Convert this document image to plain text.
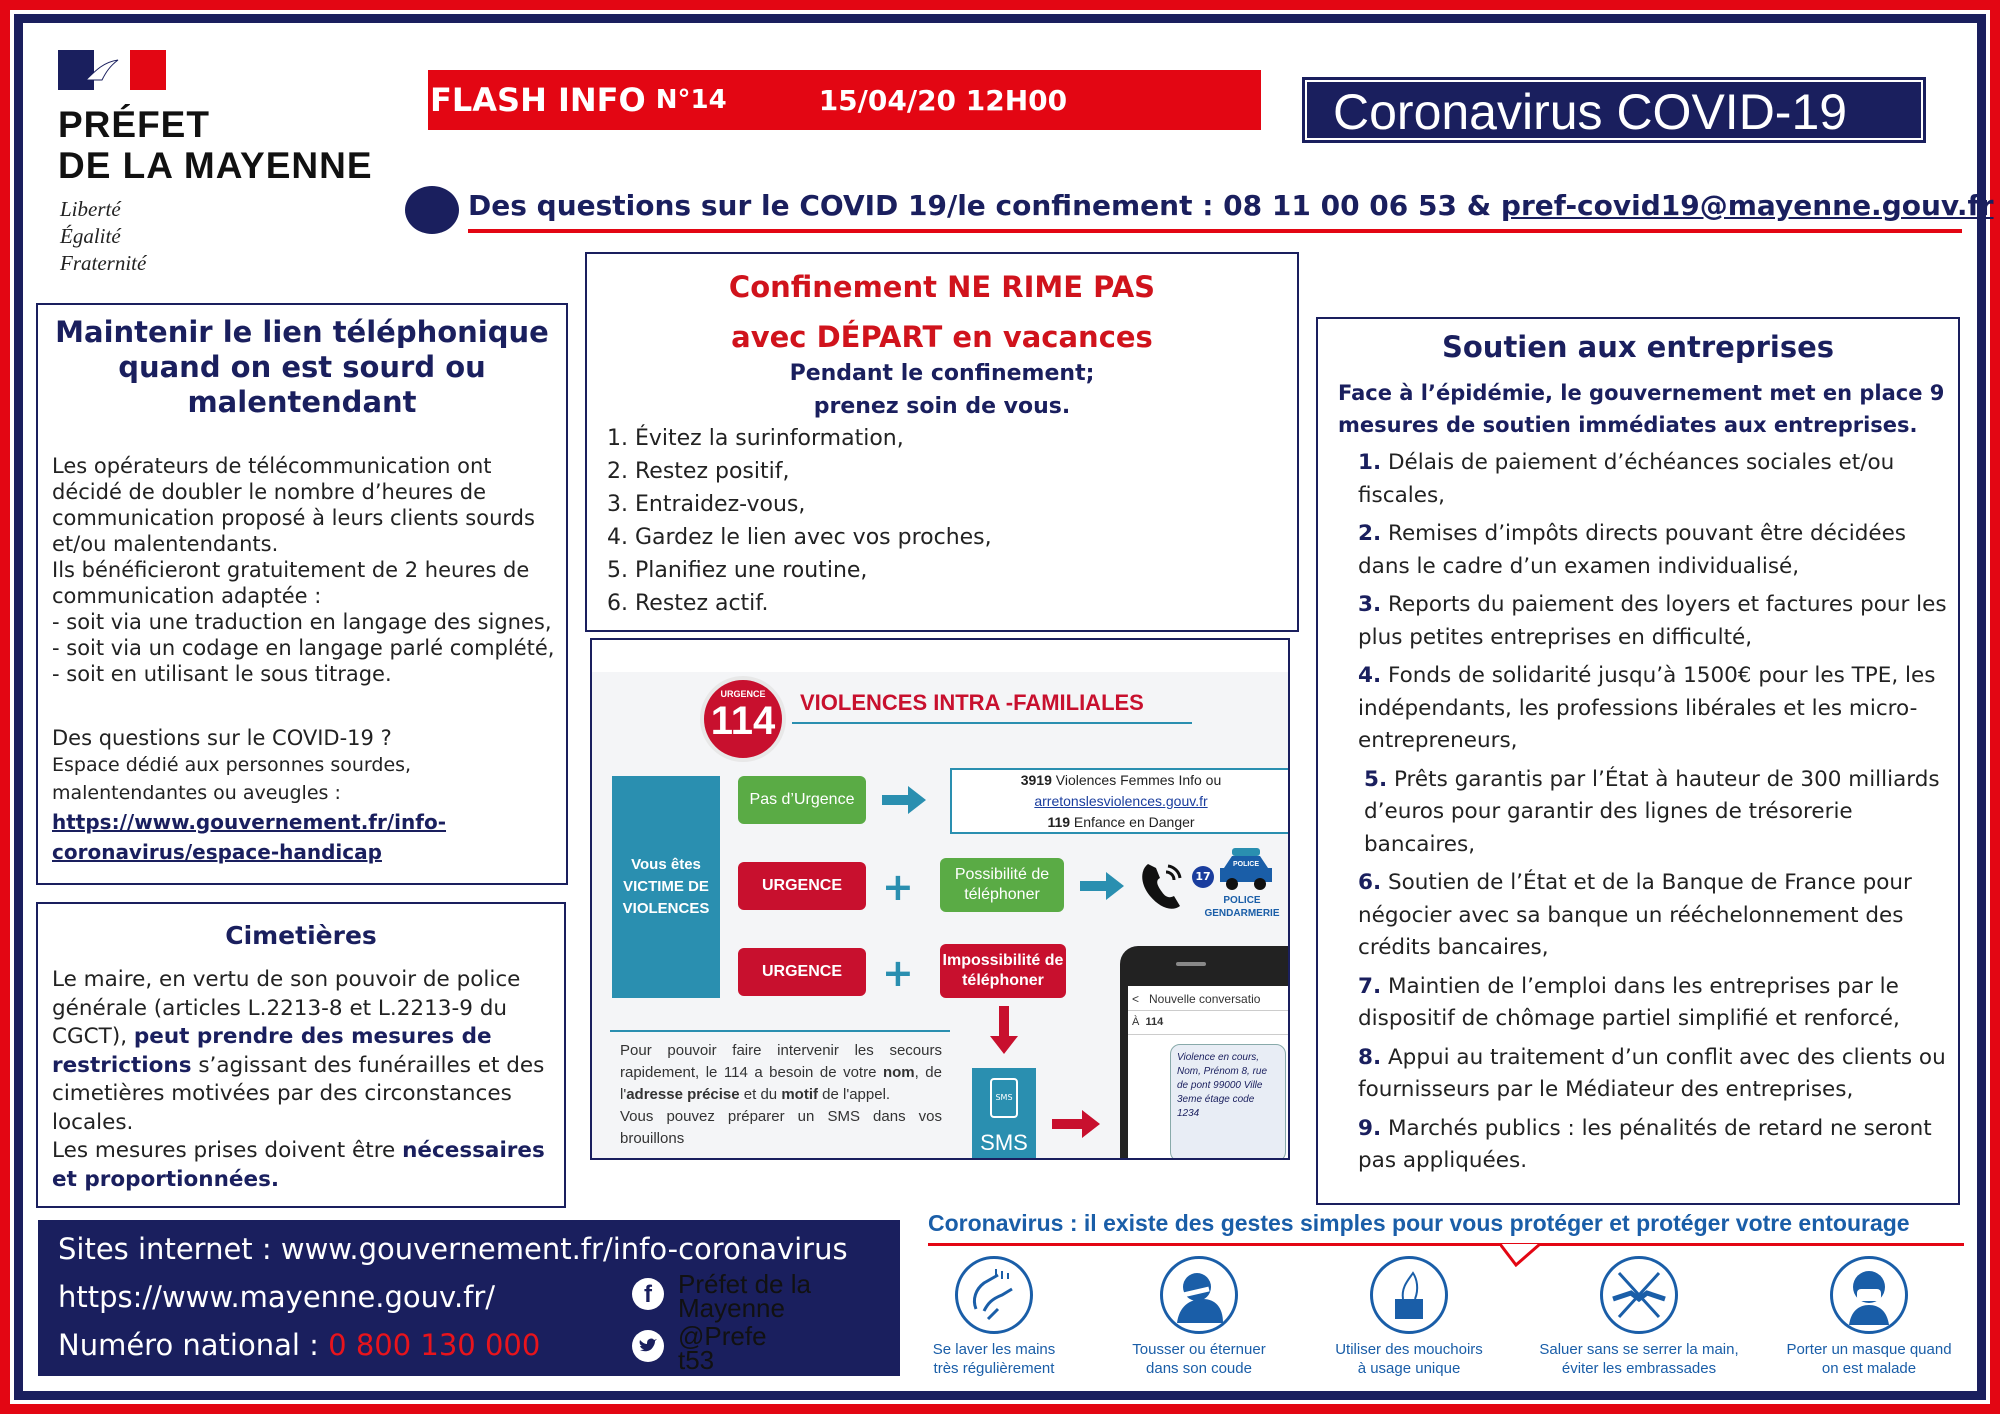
PRÉFET
DE LA MAYENNE
Liberté
Égalité
Fraternité
FLASH INFO N°14	15/04/20 12H00	Coronavirus COVID-19
Des questions sur le COVID 19/le confinement : 08 11 00 06 53 & pref-covid19@mayenne.gouv.fr
Maintenir le lien téléphonique quand on est sourd ou malentendant
Les opérateurs de télécommunication ont
décidé de doubler le nombre d’heures de
communication proposé à leurs clients sourds
et/ou malentendants.
Ils bénéficieront gratuitement de 2 heures de
communication adaptée :
- soit via une traduction en langage des signes,
- soit via un codage en langage parlé complété,
- soit en utilisant le sous titrage.
Des questions sur le COVID-19 ?
Espace dédié aux personnes sourdes,
malentendantes ou aveugles :
https://www.gouvernement.fr/info-
coronavirus/espace-handicap
Cimetières
Le maire, en vertu de son pouvoir de police générale (articles L.2213-8 et L.2213-9 du CGCT), peut prendre des mesures de restrictions s’agissant des funérailles et des cimetières motivées par des circonstances locales.
Les mesures prises doivent être nécessaires et proportionnées.
Confinement NE RIME PAS
avec DÉPART en vacances
Pendant le confinement;
prenez soin de vous.
1. Évitez la surinformation,
2. Restez positif,
3. Entraidez-vous,
4. Gardez le lien avec vos proches,
5. Planifiez une routine,
6. Restez actif.
URGENCE
114	VIOLENCES INTRA -FAMILIALES
Vous êtes VICTIME DE VIOLENCES
Pas d’Urgence
3919 Violences Femmes Info ou
arretonslesviolences.gouv.fr
119 Enfance en Danger
URGENCE	+	Possibilité de téléphoner
17
POLICE
POLICE GENDARMERIE
URGENCE	+ Impossibilité de téléphoner
SMS
SMS
<   Nouvelle conversatio
À 114
Violence en cours, Nom, Prénom 8, rue de pont 99000 Ville 3eme étage code 1234
Pour pouvoir faire intervenir les secours rapidement, le 114 a besoin de votre nom, de l'adresse précise et du motif de l'appel.
Vous pouvez préparer un SMS dans vos brouillons
Soutien aux entreprises
Face à l’épidémie, le gouvernement met en place 9 mesures de soutien immédiates aux entreprises.
1. Délais de paiement d’échéances sociales et/ou fiscales,
2. Remises d’impôts directs pouvant être décidées dans le cadre d’un examen individualisé,
3. Reports du paiement des loyers et factures pour les plus petites entreprises en difficulté,
4. Fonds de solidarité jusqu’à 1500€ pour les TPE, les indépendants, les professions libérales et les micro-entrepreneurs,
5. Prêts garantis par l’État à hauteur de 300 milliards d’euros pour garantir des lignes de trésorerie bancaires,
6. Soutien de l’État et de la Banque de France pour négocier avec sa banque un rééchelonnement des crédits bancaires,
7. Maintien de l’emploi dans les entreprises par le dispositif de chômage partiel simplifié et renforcé,
8. Appui au traitement d’un conflit avec des clients ou fournisseurs par le Médiateur des entreprises,
9. Marchés publics : les pénalités de retard ne seront pas appliquées.
Sites internet : www.gouvernement.fr/info-coronavirus
https://www.mayenne.gouv.fr/
Numéro national : 0 800 130 000
f	Préfet de la
Mayenne
@Prefe
t53
Coronavirus : il existe des gestes simples pour vous protéger et protéger votre entourage
Se laver les mains
très régulièrement
Tousser ou éternuer
dans son coude
Utiliser des mouchoirs
à usage unique
Saluer sans se serrer la main,
éviter les embrassades
Porter un masque quand
on est malade
